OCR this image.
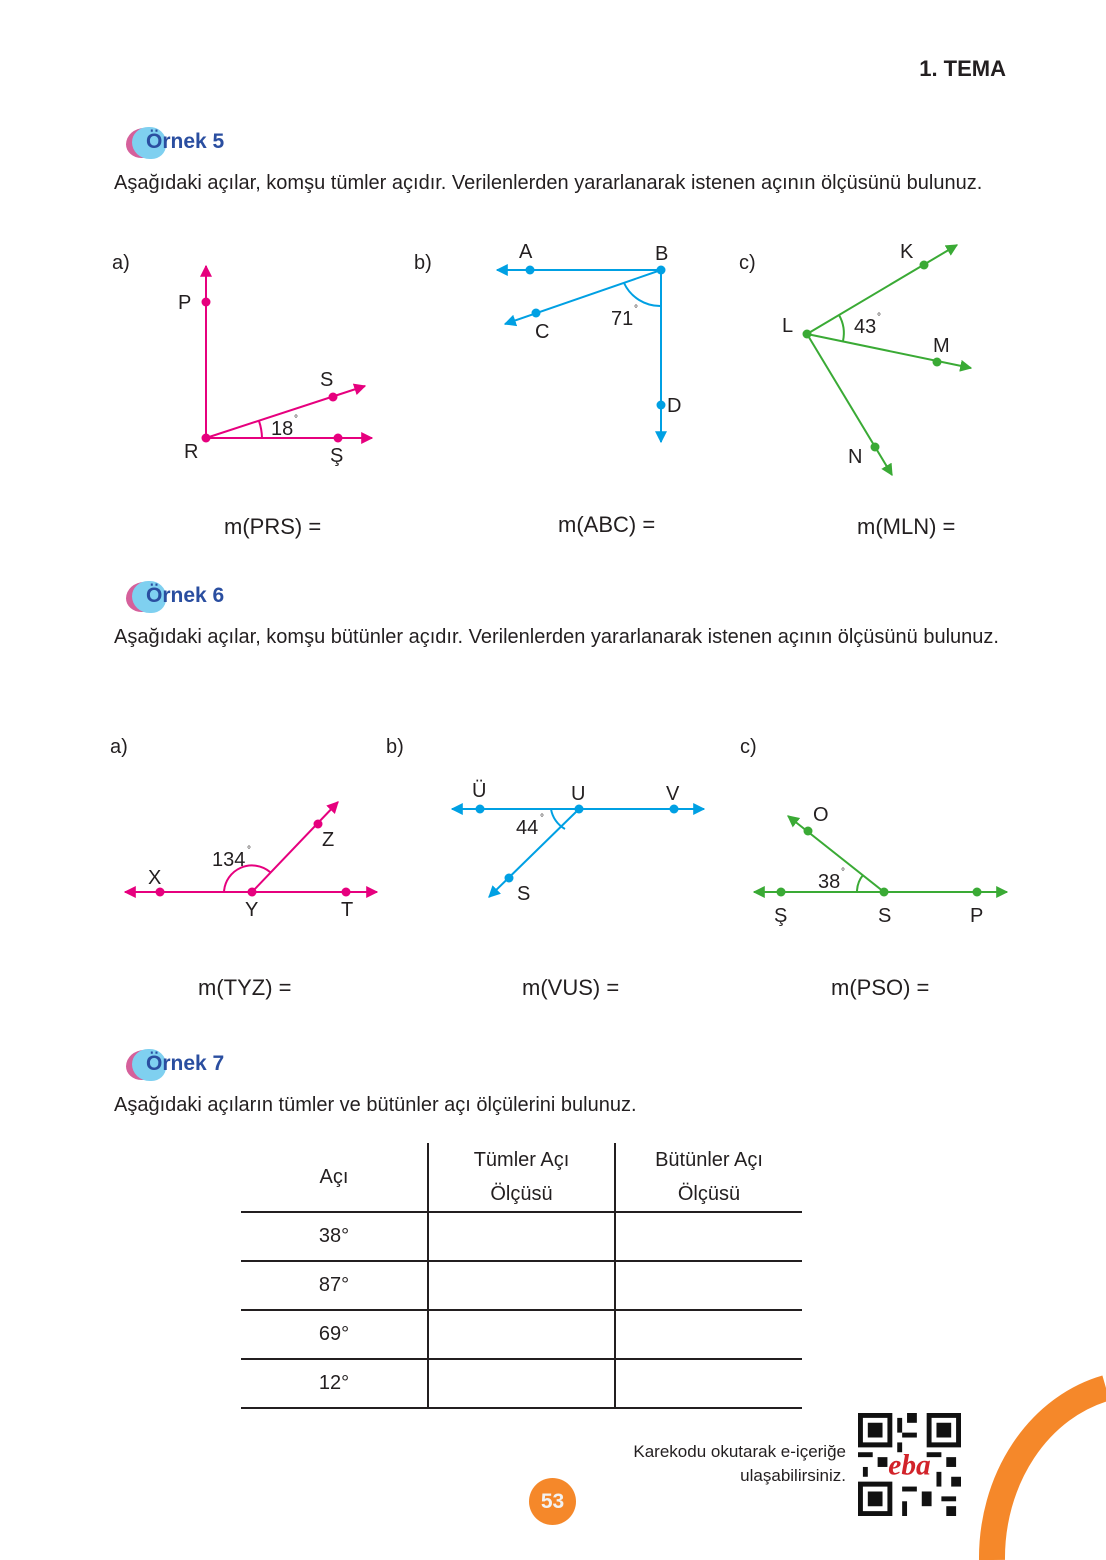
1. TEMA
Örnek 5
Aşağıdaki açılar, komşu tümler açıdır. Verilenlerden yararlanarak istenen açının ölçüsünü bulunuz.
Örnek 6
Aşağıdaki açılar, komşu bütünler açıdır. Verilenlerden yararlanarak istenen açının ölçüsünü bulunuz.
Örnek 7
Aşağıdaki açıların tümler ve bütünler açı ölçülerini bulunuz.
a)	b)	c)
m(PRS) =	m(ABC) =	m(MLN) =
a)	b)	c)
m(TYZ) =	m(VUS) =	m(PSO) =
P
R
S
Ş
18 °
A	B
C
D
71 °
K
L
M
N
43 °
X
Y	T
Z
134 °
Ü	U	V
S
44 °
Ş	S	P
O
38 °
Açı	Tümler Açı Ölçüsü	Bütünler Açı Ölçüsü
38°		
87°		
69°		
12°		
Karekodu okutarak e-içeriğe
ulaşabilirsiniz.	eba
53
